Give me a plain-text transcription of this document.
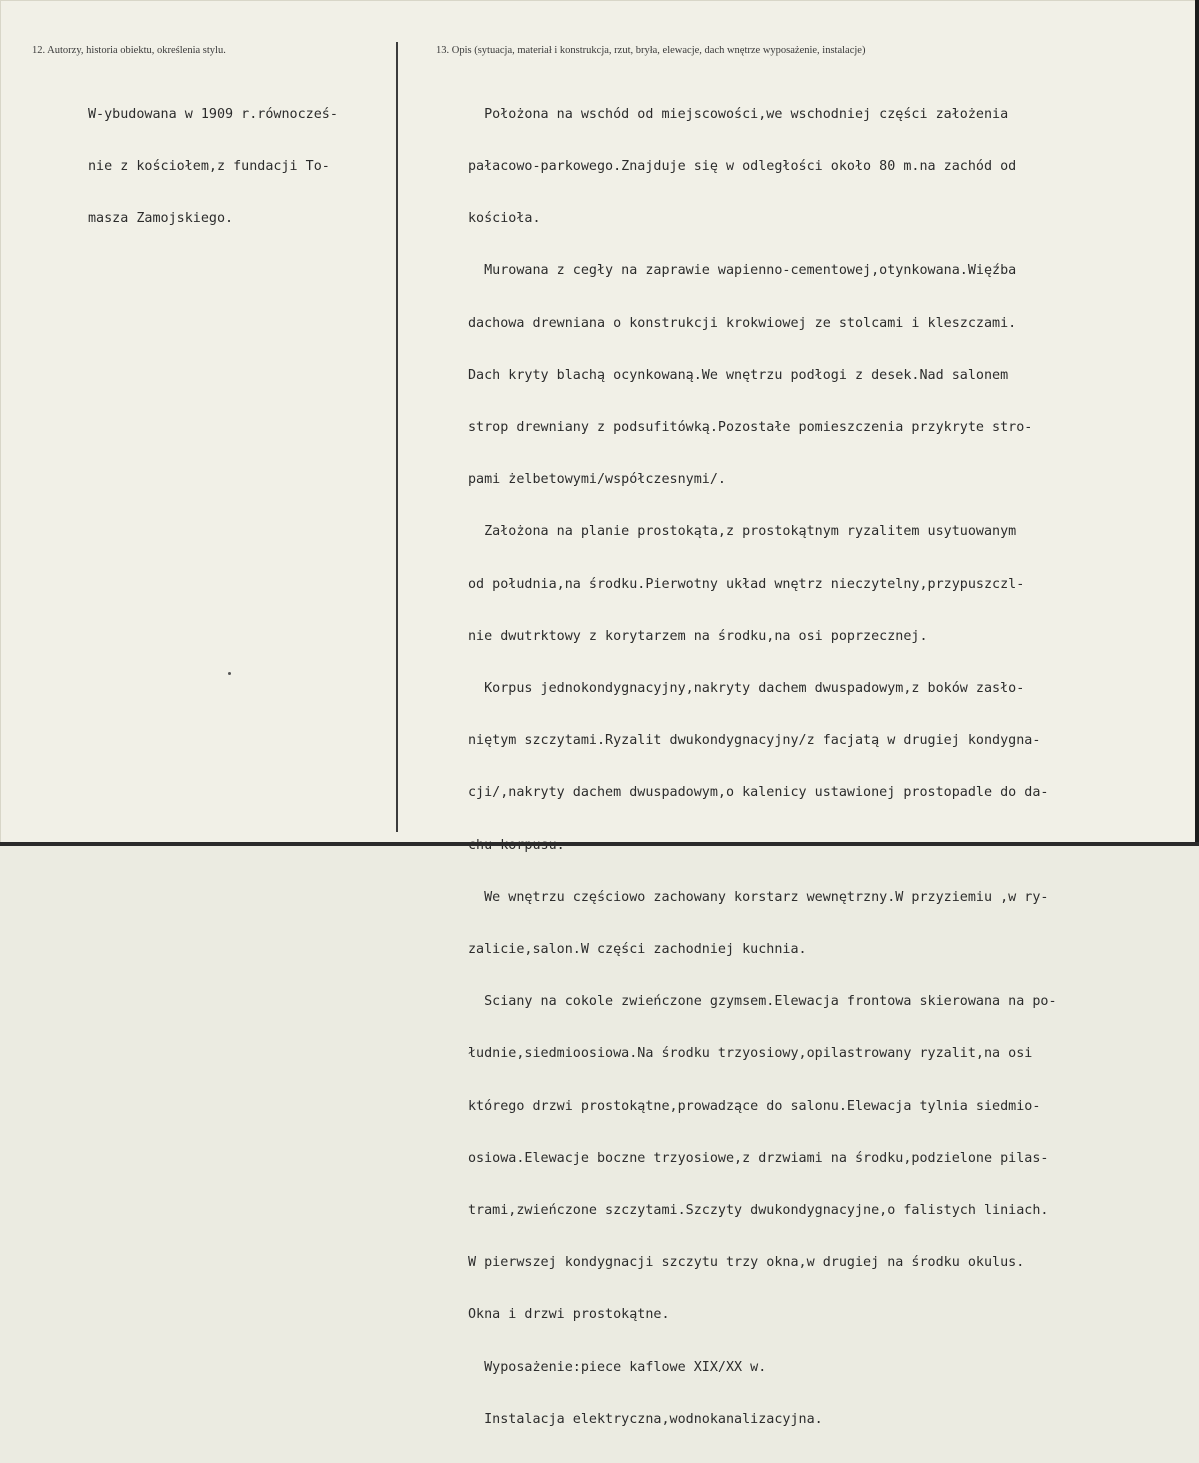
12. Autorzy, historia obiektu, określenia stylu.	13. Opis (sytuacja, materiał i konstrukcja, rzut, bryła, elewacje, dach wnętrze wyposażenie, instalacje)

W-ybudowana w 1909 r.równocześ-

nie z kościołem,z fundacji To-

masza Zamojskiego.

Położona na wschód od miejscowości,we wschodniej części założenia

pałacowo-parkowego.Znajduje się w odległości około 80 m.na zachód od

kościoła.

Murowana z cegły na zaprawie wapienno-cementowej,otynkowana.Więźba

dachowa drewniana o konstrukcji krokwiowej ze stolcami i kleszczami.

Dach kryty blachą ocynkowaną.We wnętrzu podłogi z desek.Nad salonem

strop drewniany z podsufitówką.Pozostałe pomieszczenia przykryte stro-

pami żelbetowymi/współczesnymi/.

Założona na planie prostokąta,z prostokątnym ryzalitem usytuowanym

od południa,na środku.Pierwotny układ wnętrz nieczytelny,przypuszczl-

nie dwutrktowy z korytarzem na środku,na osi poprzecznej.

Korpus jednokondygnacyjny,nakryty dachem dwuspadowym,z boków zasło-

niętym szczytami.Ryzalit dwukondygnacyjny/z facjatą w drugiej kondygna-

cji/,nakryty dachem dwuspadowym,o kalenicy ustawionej prostopadle do da-

We wnętrzu częściowo zachowany korstarz wewnętrzny.W przyziemiu ,w ry-

zalicie,salon.W części zachodniej kuchnia.

Sciany na cokole zwieńczone gzymsem.Elewacja frontowa skierowana na po-

łudnie,siedmioosiowa.Na środku trzyosiowy,opilastrowany ryzalit,na osi

którego drzwi prostokątne,prowadzące do salonu.Elewacja tylnia siedmio-

osiowa.Elewacje boczne trzyosiowe,z drzwiami na środku,podzielone pilas-

trami,zwieńczone szczytami.Szczyty dwukondygnacyjne,o falistych liniach.

W pierwszej kondygnacji szczytu trzy okna,w drugiej na środku okulus.

Okna i drzwi prostokątne.

Wyposażenie:piece kaflowe XIX/XX w.

Instalacja elektryczna,wodnokanalizacyjna.
